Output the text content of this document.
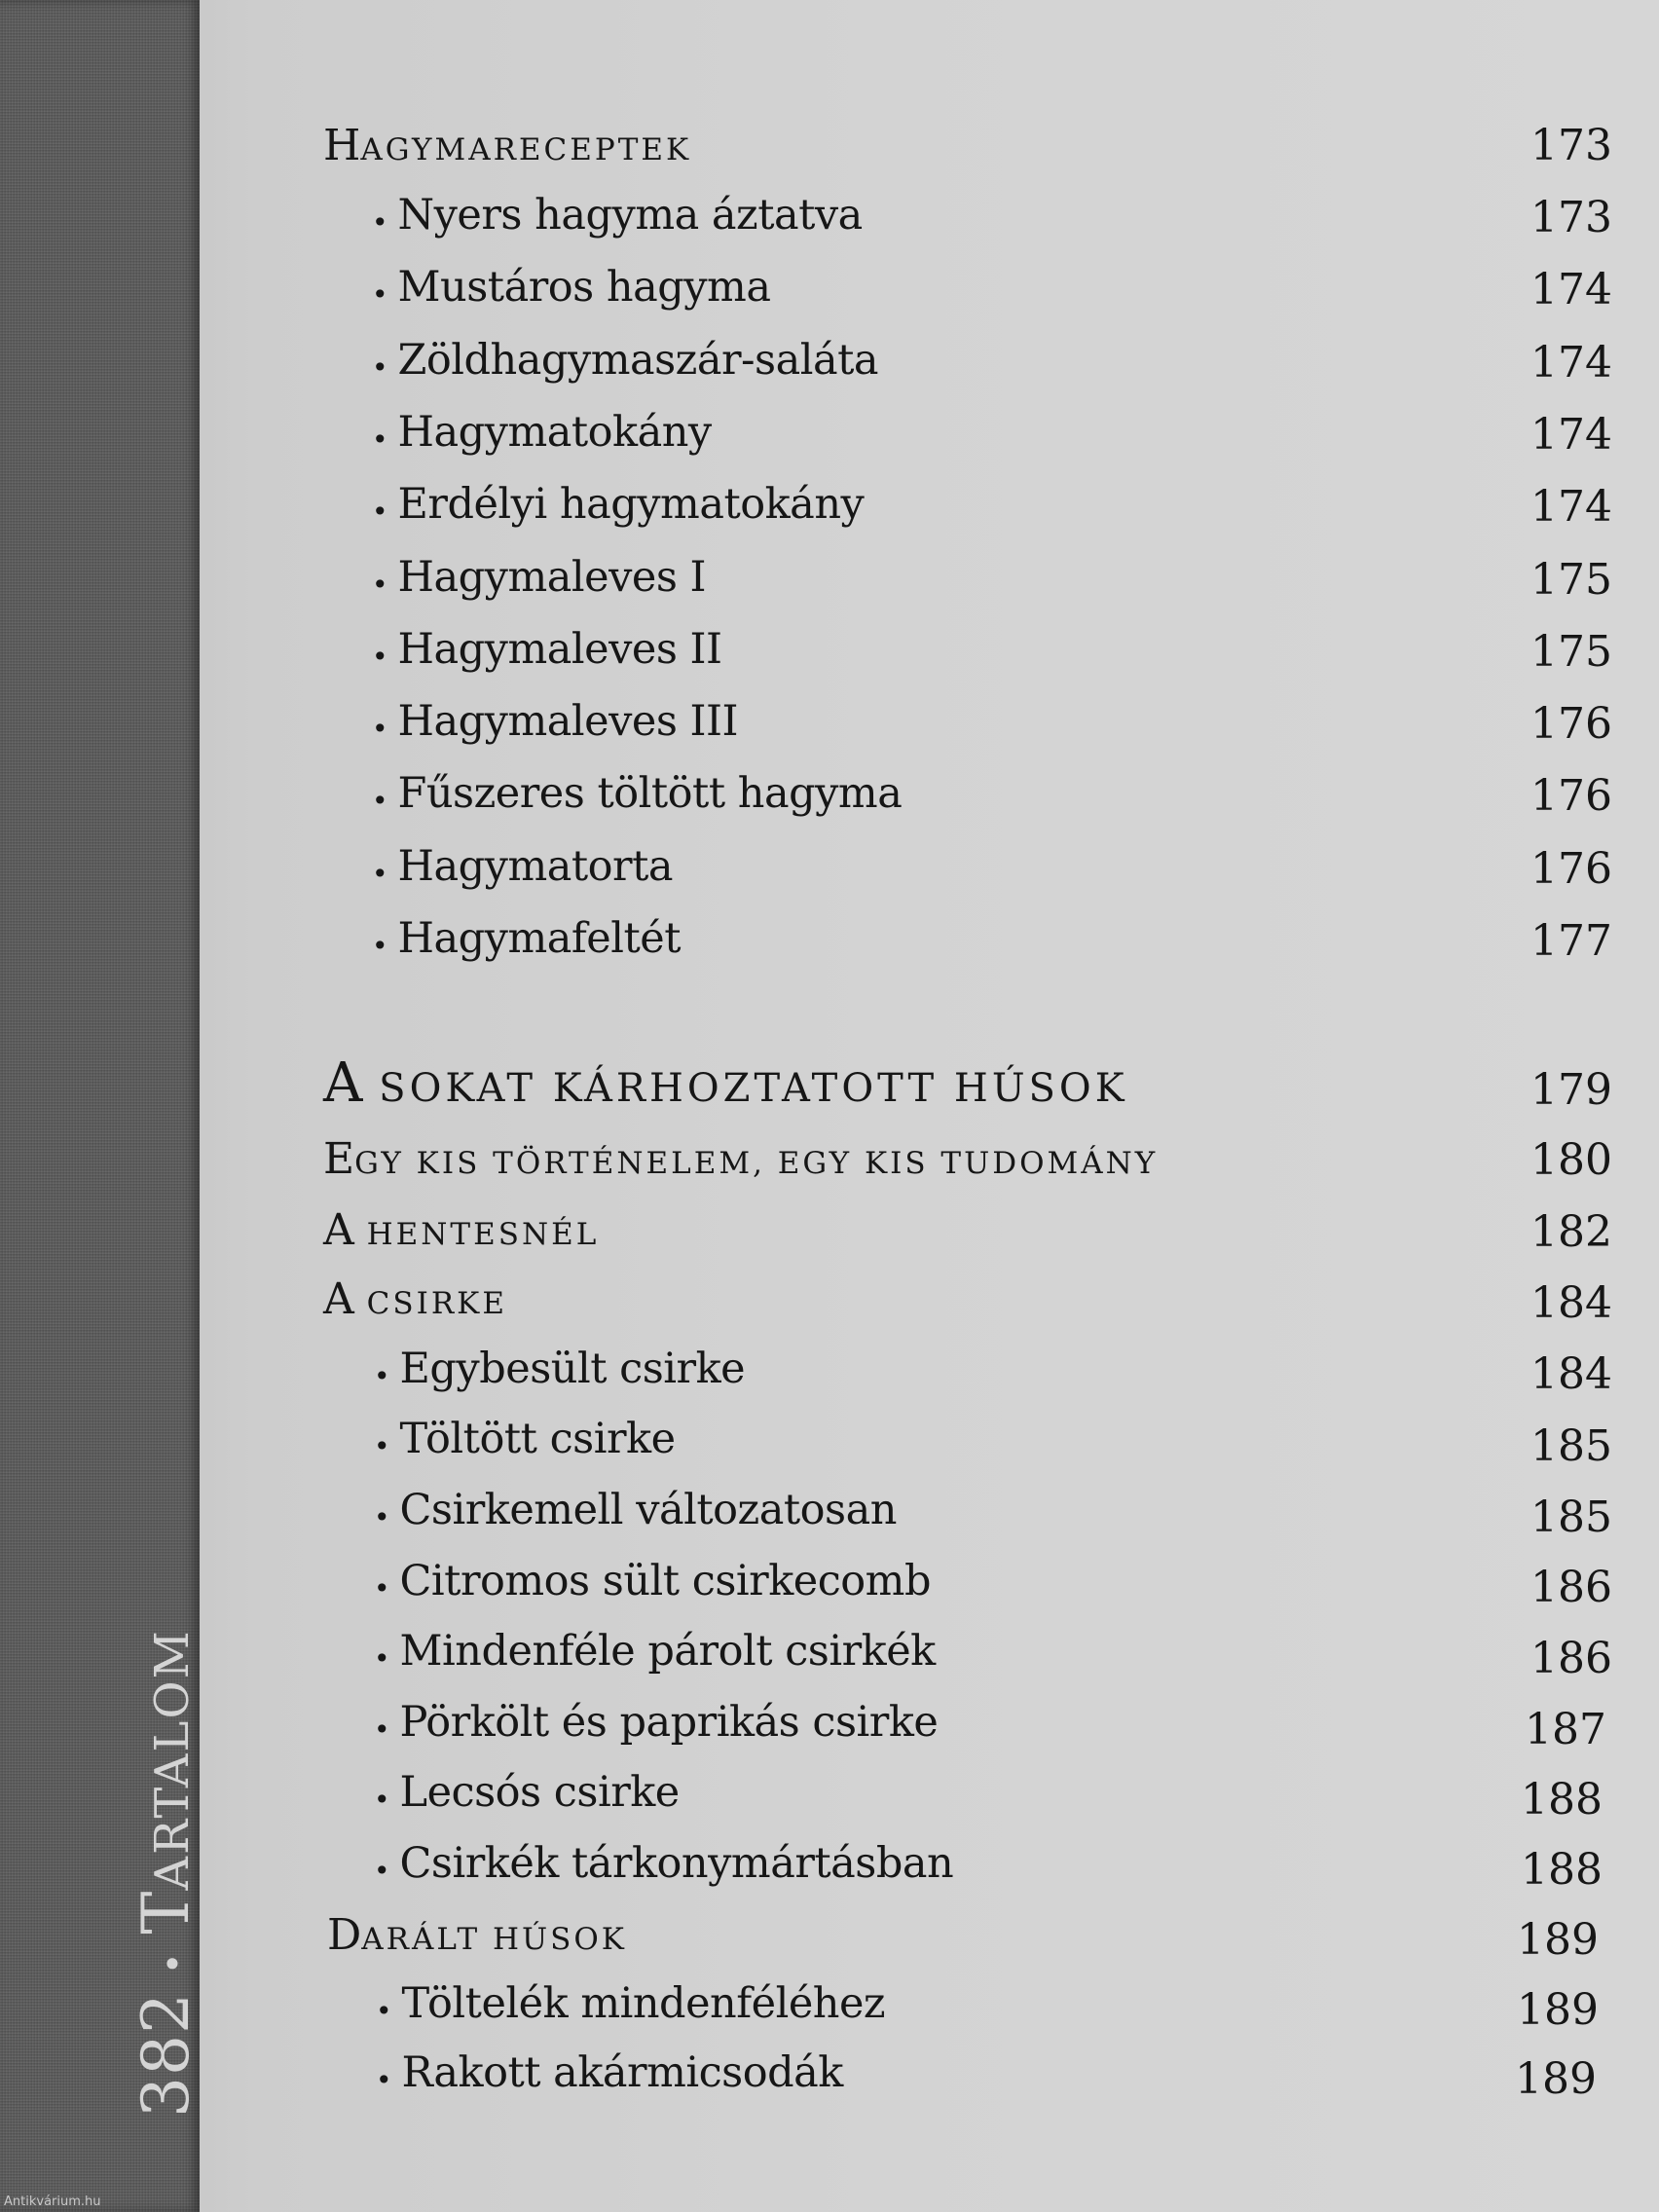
382•TARTALOM
Antikvárium.hu
HAGYMARECEPTEK	173
• Nyers hagyma áztatva	173
• Mustáros hagyma	174
• Zöldhagymaszár-saláta	174
• Hagymatokány	174
• Erdélyi hagymatokány	174
• Hagymaleves I	175
• Hagymaleves II	175
• Hagymaleves III	176
• Fűszeres töltött hagyma	176
• Hagymatorta	176
• Hagymafeltét	177
A SOKAT KÁRHOZTATOTT HÚSOK	179
EGY KIS TÖRTÉNELEM, EGY KIS TUDOMÁNY	180
A HENTESNÉL	182
A CSIRKE	184
• Egybesült csirke	184
• Töltött csirke	185
• Csirkemell változatosan	185
• Citromos sült csirkecomb	186
• Mindenféle párolt csirkék	186
• Pörkölt és paprikás csirke	187
• Lecsós csirke	188
• Csirkék tárkonymártásban	188
DARÁLT HÚSOK	189
• Töltelék mindenféléhez	189
• Rakott akármicsodák	189
